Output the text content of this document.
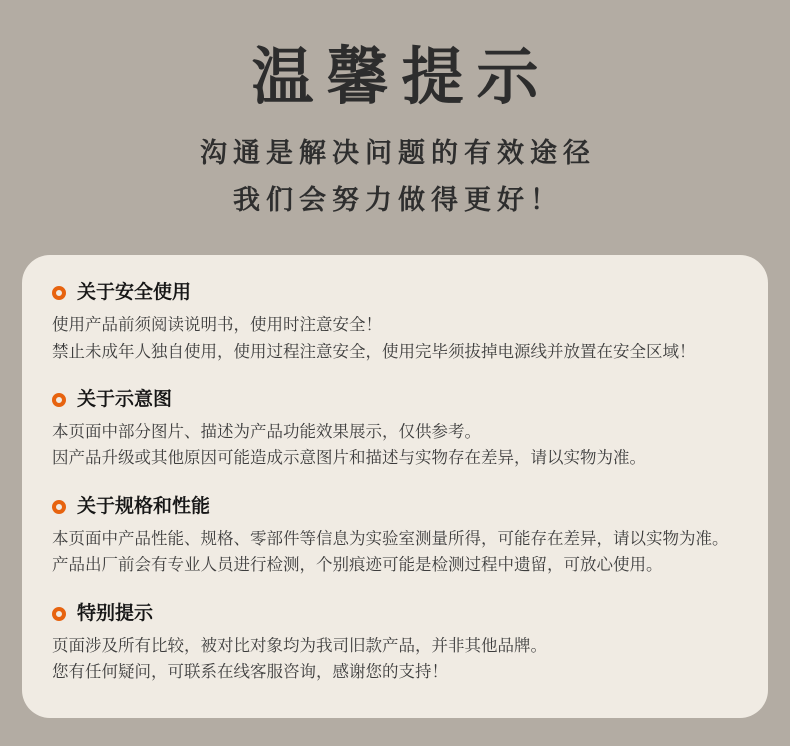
温馨提示

沟通是解决问题的有效途径

我们会努力做得更好！

关于安全使用

使用产品前须阅读说明书，使用时注意安全！

禁止未成年人独自使用，使用过程注意安全，使用完毕须拔掉电源线并放置在安全区域！

关于示意图

本页面中部分图片、描述为产品功能效果展示，仅供参考。

因产品升级或其他原因可能造成示意图片和描述与实物存在差异，请以实物为准。

关于规格和性能

本页面中产品性能、规格、零部件等信息为实验室测量所得，可能存在差异，请以实物为准。

产品出厂前会有专业人员进行检测，个别痕迹可能是检测过程中遗留，可放心使用。

特别提示

页面涉及所有比较，被对比对象均为我司旧款产品，并非其他品牌。

您有任何疑问，可联系在线客服咨询，感谢您的支持！
